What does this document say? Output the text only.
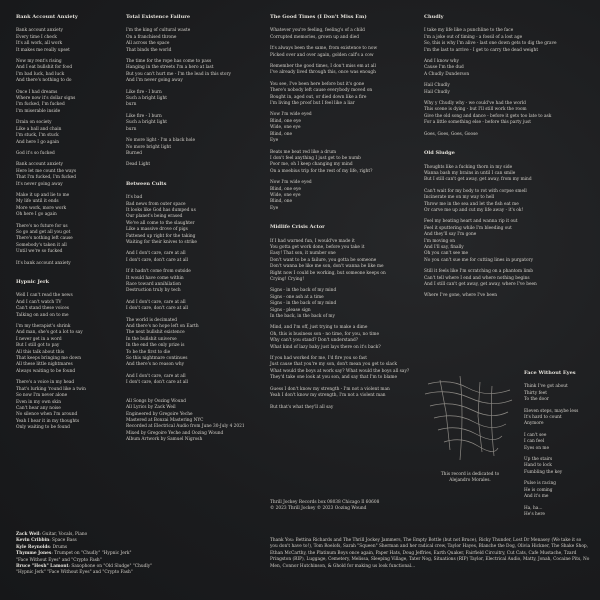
Bank Account Anxiety
Bank account anxiety
Every time I check
It's all work, all work
It makes me really upset
Now my rent's rising
And I eat bullshit for food
I'm bad luck, bad luck
And there's nothing to do
Once I had dreams
Where now it's dollar signs
I'm fucked, I'm fucked
I'm miserable inside
Drain on society
Like a ball and chain
I'm stuck, I'm stuck
And here I go again
God it's so fucked
Bank account anxiety
Here let me count the ways
That I'm fucked, I'm fucked
It's never going away
Make it up and lie to me
My life until it ends
More work, more work
Oh here I go again
There's no future for us
So go and get all you got
There's nothing left cause
Somebody's taken it all
Until we're so fucked
It's bank account anxiety
Hypnic Jerk
Well I can't read the news
And I can't watch TV
Can't stand these voices
Talking on and on to me
I'm my therapist's shrink
And man, she's got a lot to say
I never get in a word
But I still got to pay
All this talk about this
That keeps bringing me down
All these little nightmares
Always waiting to be found
There's a voice in my head
That's lurking 'round like a twin
So now I'm never alone
Even in my own skin
Can't hear any noise
No silence when I'm around
Yeah I hear it in my thoughts
Only waiting to be found
Total Existence Failure
I'm the king of cultural waste
On a franchised throne
All across the space
That binds the world
The time for the rope has come to pass
Hanging in the streets I'm a hero at last
But you can't hurt me - I'm the lead in this story
And I'm never going away
Like fire - I burn
Such a bright light
burn
Like fire - I burn
Such a bright light
burn
No more light - I'm a black hole
No more bright light
Burned
Dead Light
Between Cults
It's bad
Bad news from outer space
It looks like God has dumped us
Our planet's being erased
We've all come to the slaughter
Like a massive drove of pigs
Fattened up right for the taking
Waiting for their knives to strike
And I don't care, care at all
I don't care, don't care at all
If it hadn't come from outside
It would have come within
Race toward annihilation
Destruction truly by tech
And I don't care, care at all
I don't care, don't care at all
The world is decimated
And there's no hope left on Earth
The next bullshit existence
In the bullshit universe
In the end the only prize is
To be the first to die
So this nightmare continues
And there's no reason why
And I don't care, care at all
I don't care, don't care at all
All Songs by Oozing Wound
All Lyrics by Zack Weil
Engineered by Gregoire Yeche
Mastered at Bonzai Mastering NYC
Recorded at Electrical Audio from June 30-July 4 2021
Mixed by Gregoire Yeche and Oozing Wound
Album Artwork by Samuel Nigrosh
The Good Times (I Don't Miss Em)
Whatever you're feeling, feeling's of a child
Corrupted memories, grown up and died
It's always been the same, from existence to now
Picked over and over again, golden calf's a cow
Remember the good times, I don't miss em at all
I've already lived through this, once was enough
You see, I've been here before but it's gone
There's nobody left cause everybody moved on
Bought in, aged out, or died down like a fire
I'm living the proof but I feel like a liar
Now I'm wide eyed
Blind, one eye
Wide, one eye
Blind, one
Eye
Beats me beat red like a drum
I don't feel anything I just get to be numb
Poor me, oh I keep changing my mind
On a moebius trip for the rest of my life, right?
Now I'm wide eyed
Blind, one eye
Wide, one eye
Blind, one
Eye
Midlife Crisis Actor
If I had warned fun, I would've made it
You gotta get work done, before you take it
Easy! That son, it number one
Don't want to be a failure, you gotta be someone
Don't wanna be like me son, don't wanna be like me
Right now I could be working, but someone keeps on
Crying! Crying!
Signs - in the back of my mind
Signs - one ash at a time
Signs - in the back of my mind
Signs - please sign
In the back, in the back of my
Mind, and I'm off, just trying to make a dime
Oh, this is business son - no time, for you, no time
Why can't you stand? Don't understand?
What kind of lazy baby just lays there on it's back?
If you had worked for me, I'd fire you so fast
Just cause that you're my son, don't mean you get to slack
What would the boys at work say? What would the boys all say?
They'd take one look at you son, and say that I'm to blame
Guess I don't know my strength - I'm not a violent man
Yeah I don't know my strength, I'm not a violent man
But that's what they'll all say
Chudly
I take my life like a punchline to the face
I'm a joke out of timing - a fossil of a lost age
So, this is why I'm alive - last one down gets to dig the grave
I'm the last to arrive - I get to carry the dead weight
And I know why
Cause I'm the dud
A Chudly Dunderson
Hail Chudly
Hail Chudly
Why y Chudly why - we could've had the world
This scene is dying - but I'll still work the room
Give the old song and dance - before it gets too late to ask
For a little something else - before this party just
Goes, Goes, Goes, Goose
Old Sludge
Thoughts like a fucking thorn in my side
Wanna bash my brains in until I can smile
But I still can't get away, get away, from my mind
Can't wait for my body to rot with corpse smell
Incinerate me on my way to hell
Throw me in the sea and let the fish eat me
Or carve me up and cut my life away - it's ok!
Feel my beating heart and wanna rip it out
Feel it sputtering while I'm bleeding out
And they'll say I'm gone
I'm moving on
And I'll say, finally
Oh you can't see me
No you can't sue me for cutting lines in purgatory
Still it feels like I'm scratching on a phantom limb
Can't tell where I end and where nothing begins
And I still can't get away, get away, where I've been
Where I've gone, where I've been
Face Without Eyes
Think I've got about
Thirty feet
To the door
Eleven steps, maybe less
It's hard to count
Anymore
I can't see
I can feel
Eyes on me
Up the stairs
Hand to lock
Fumbling the key
Pulse is racing
He is coming
And it's me
Ha, ha...
He's here
This record is dedicated to
Alejandro Morales.
Thrill Jockey Records box 08038 Chicago Il 60608
© 2023 Thrill Jockey © 2023 Oozing Wound
Zack Weil: Guitar, Vocals, Piano
Kevin Cribbin: Space Bass
Kyle Reynolds: Drums
Thymme Jones: Trumpet on "Chudly" "Hypnic Jerk"
"Face Without Eyes" and "Crypto Fash"
Bruce "Hesh" Lamont: Saxophone on "Old Sludge" "Chudly"
"Hypnic Jerk" "Face Without Eyes" and "Crypto Fash"
Thank You: Bettina Richards and The Thrill Jockey Jammers, The Empty Bottle (but not Bruce), Ricky Thunder, Lost Dr Menasey (We take it so you don't have to!), Tom Roelofs, Sarah "Squeen" Sherman and her radical crew, Taylor Hayes, Blanche the Dog, Olivia Hickner, The Shake Shop, Ethan McCarthy, the Platinum Boys once again, Paper Hats, Doug Jeffries, Earth Quaker, Fairfield Circuitry, Cut Cats, Cafe Mustache, Tzard Pringston (RIP), Luggage, Cemetery, Melissa, Sleeping Village, Tater Nog, Situations (RIP) Taylor, Electrical Audio, Matty, Jonah, Cocaine Pits, No Men, Connor Hutchinson, & Ghold for making us look functional...
